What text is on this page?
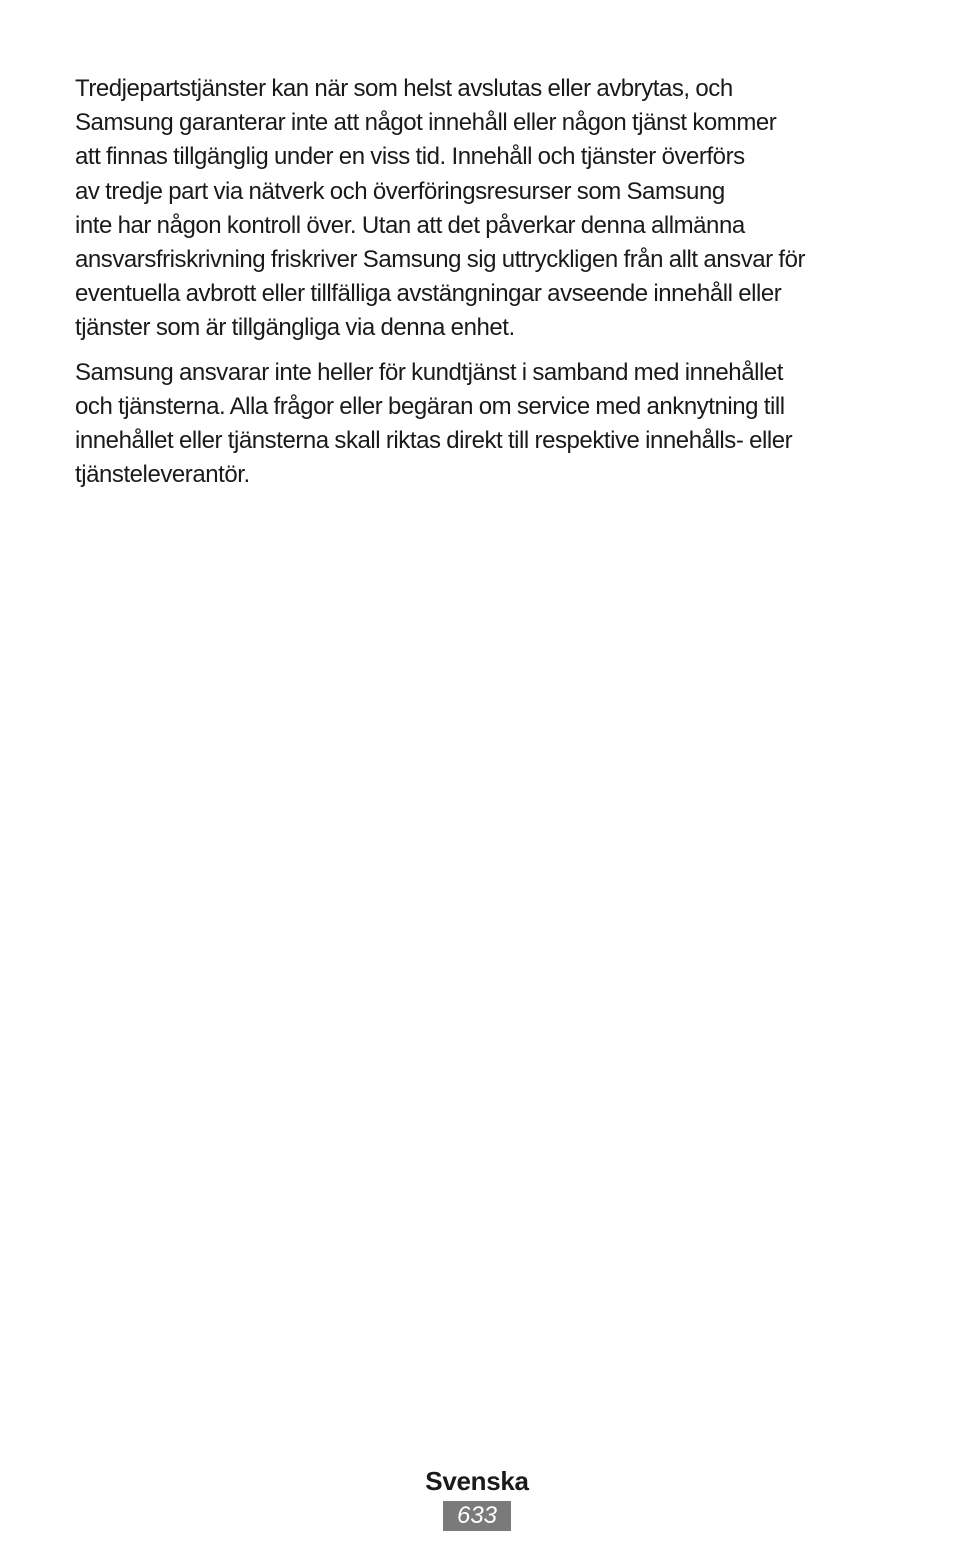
Tredjepartstjänster kan när som helst avslutas eller avbrytas, och
Samsung garanterar inte att något innehåll eller någon tjänst kommer
att finnas tillgänglig under en viss tid. Innehåll och tjänster överförs
av tredje part via nätverk och överföringsresurser som Samsung
inte har någon kontroll över. Utan att det påverkar denna allmänna
ansvarsfriskrivning friskriver Samsung sig uttryckligen från allt ansvar för
eventuella avbrott eller tillfälliga avstängningar avseende innehåll eller
tjänster som är tillgängliga via denna enhet.

Samsung ansvarar inte heller för kundtjänst i samband med innehållet
och tjänsterna. Alla frågor eller begäran om service med anknytning till
innehållet eller tjänsterna skall riktas direkt till respektive innehålls- eller
tjänsteleverantör.

Svenska
633
